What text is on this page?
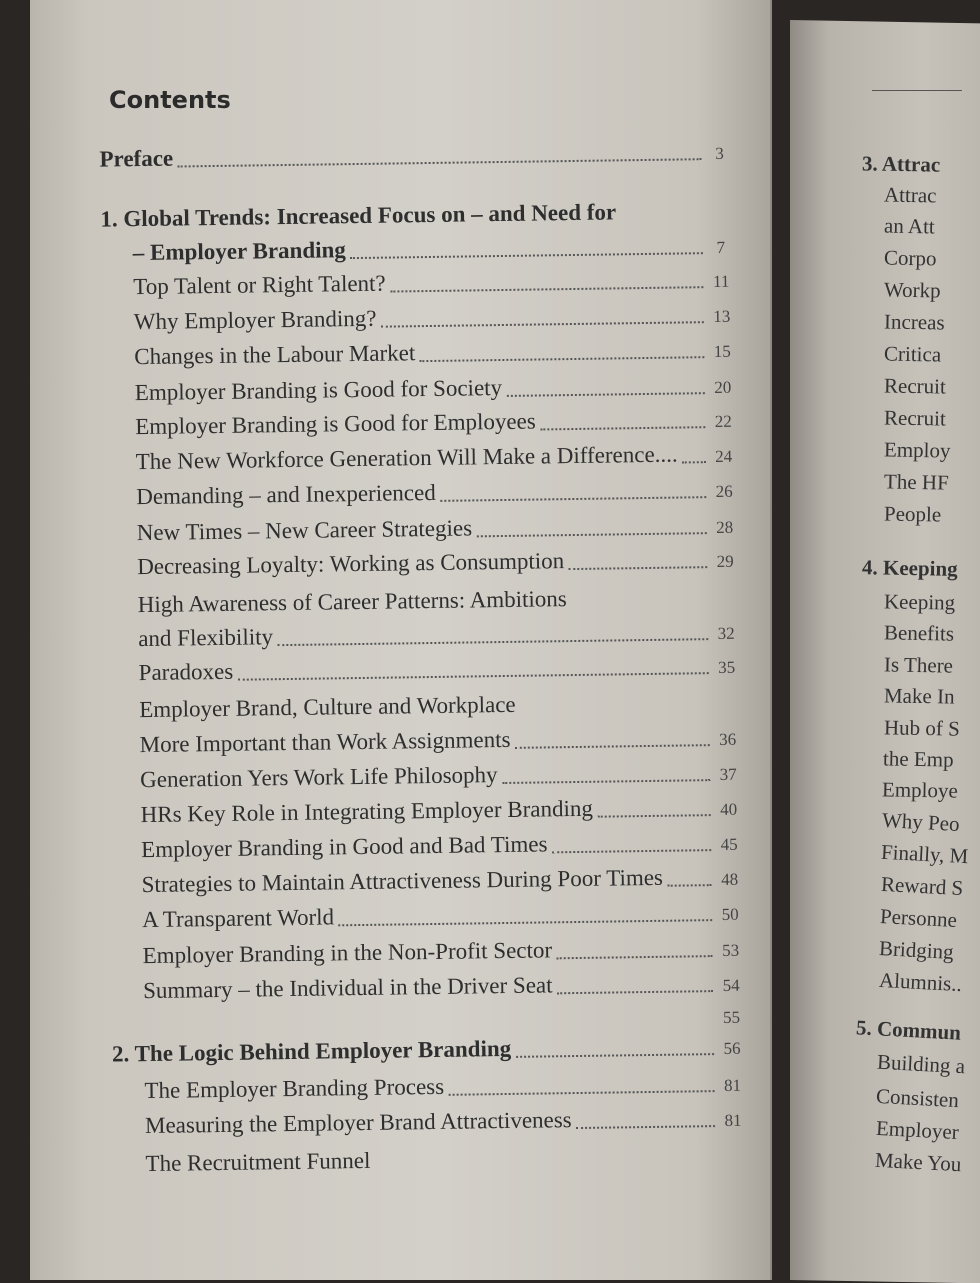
Contents
Preface	3
1. Global Trends: Increased Focus on – and Need for
– Employer Branding	7
Top Talent or Right Talent?	11
Why Employer Branding?	13
Changes in the Labour Market	15
Employer Branding is Good for Society	20
Employer Branding is Good for Employees	22
The New Workforce Generation Will Make a Difference....	24
Demanding – and Inexperienced	26
New Times – New Career Strategies	28
Decreasing Loyalty: Working as Consumption	29
High Awareness of Career Patterns: Ambitions
and Flexibility	32
Paradoxes	35
Employer Brand, Culture and Workplace
More Important than Work Assignments	36
Generation Yers Work Life Philosophy	37
HRs Key Role in Integrating Employer Branding	40
Employer Branding in Good and Bad Times	45
Strategies to Maintain Attractiveness During Poor Times	48
A Transparent World	50
Employer Branding in the Non-Profit Sector	53
Summary – the Individual in the Driver Seat	54
55
2. The Logic Behind Employer Branding	56
The Employer Branding Process	81
Measuring the Employer Brand Attractiveness	81
The Recruitment Funnel
3. Attrac
Attrac
an Att
Corpo
Workp
Increas
Critica
Recruit
Recruit
Employ
The HF
People
4. Keeping
Keeping
Benefits
Is There
Make In
Hub of S
the Emp
Employe
Why Peo
Finally, M
Reward S
Personne
Bridging
Alumnis..
5. Commun
Building a
Consisten
Employer
Make You
